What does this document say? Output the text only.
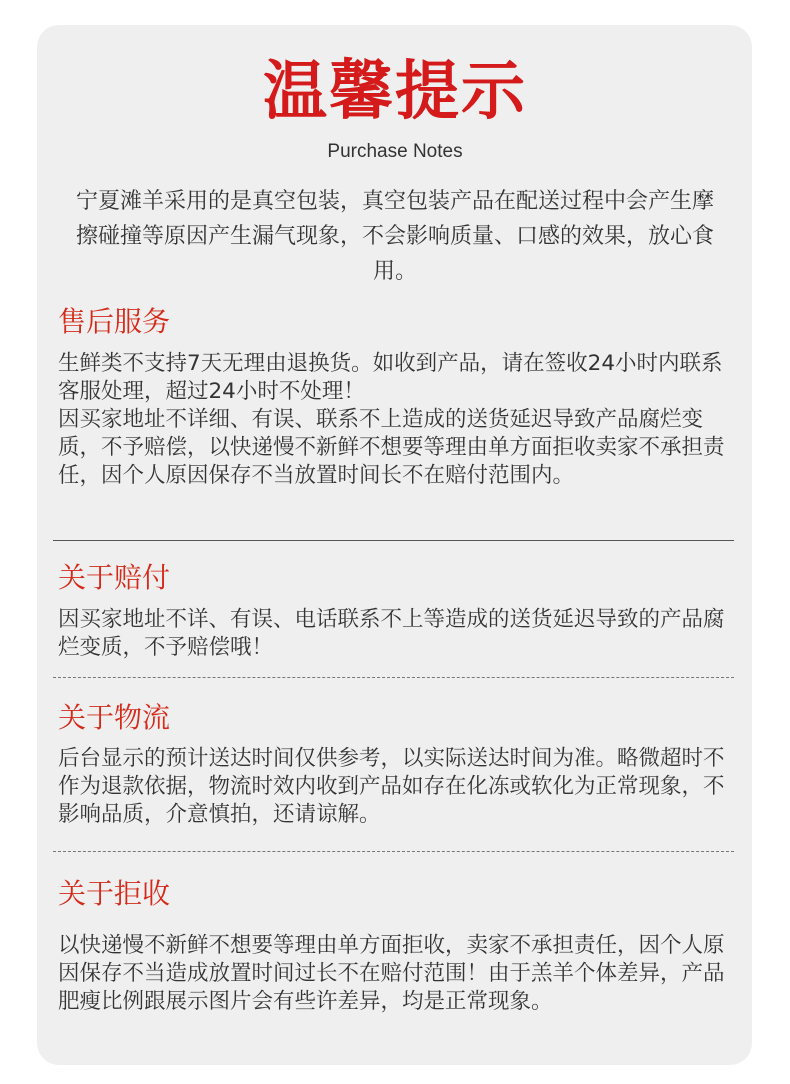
温馨提示
Purchase Notes
宁夏滩羊采用的是真空包装，真空包装产品在配送过程中会产生摩擦碰撞等原因产生漏气现象，不会影响质量、口感的效果，放心食用。
售后服务

生鲜类不支持7天无理由退换货。如收到产品，请在签收24小时内联系客服处理，超过24小时不处理！

因买家地址不详细、有误、联系不上造成的送货延迟导致产品腐烂变质，不予赔偿，以快递慢不新鲜不想要等理由单方面拒收卖家不承担责任，因个人原因保存不当放置时间长不在赔付范围内。

关于赔付

因买家地址不详、有误、电话联系不上等造成的送货延迟导致的产品腐烂变质，不予赔偿哦！

关于物流

后台显示的预计送达时间仅供参考，以实际送达时间为准。略微超时不作为退款依据，物流时效内收到产品如存在化冻或软化为正常现象，不影响品质，介意慎拍，还请谅解。

关于拒收

以快递慢不新鲜不想要等理由单方面拒收，卖家不承担责任，因个人原因保存不当造成放置时间过长不在赔付范围！由于羔羊个体差异，产品肥瘦比例跟展示图片会有些许差异，均是正常现象。
